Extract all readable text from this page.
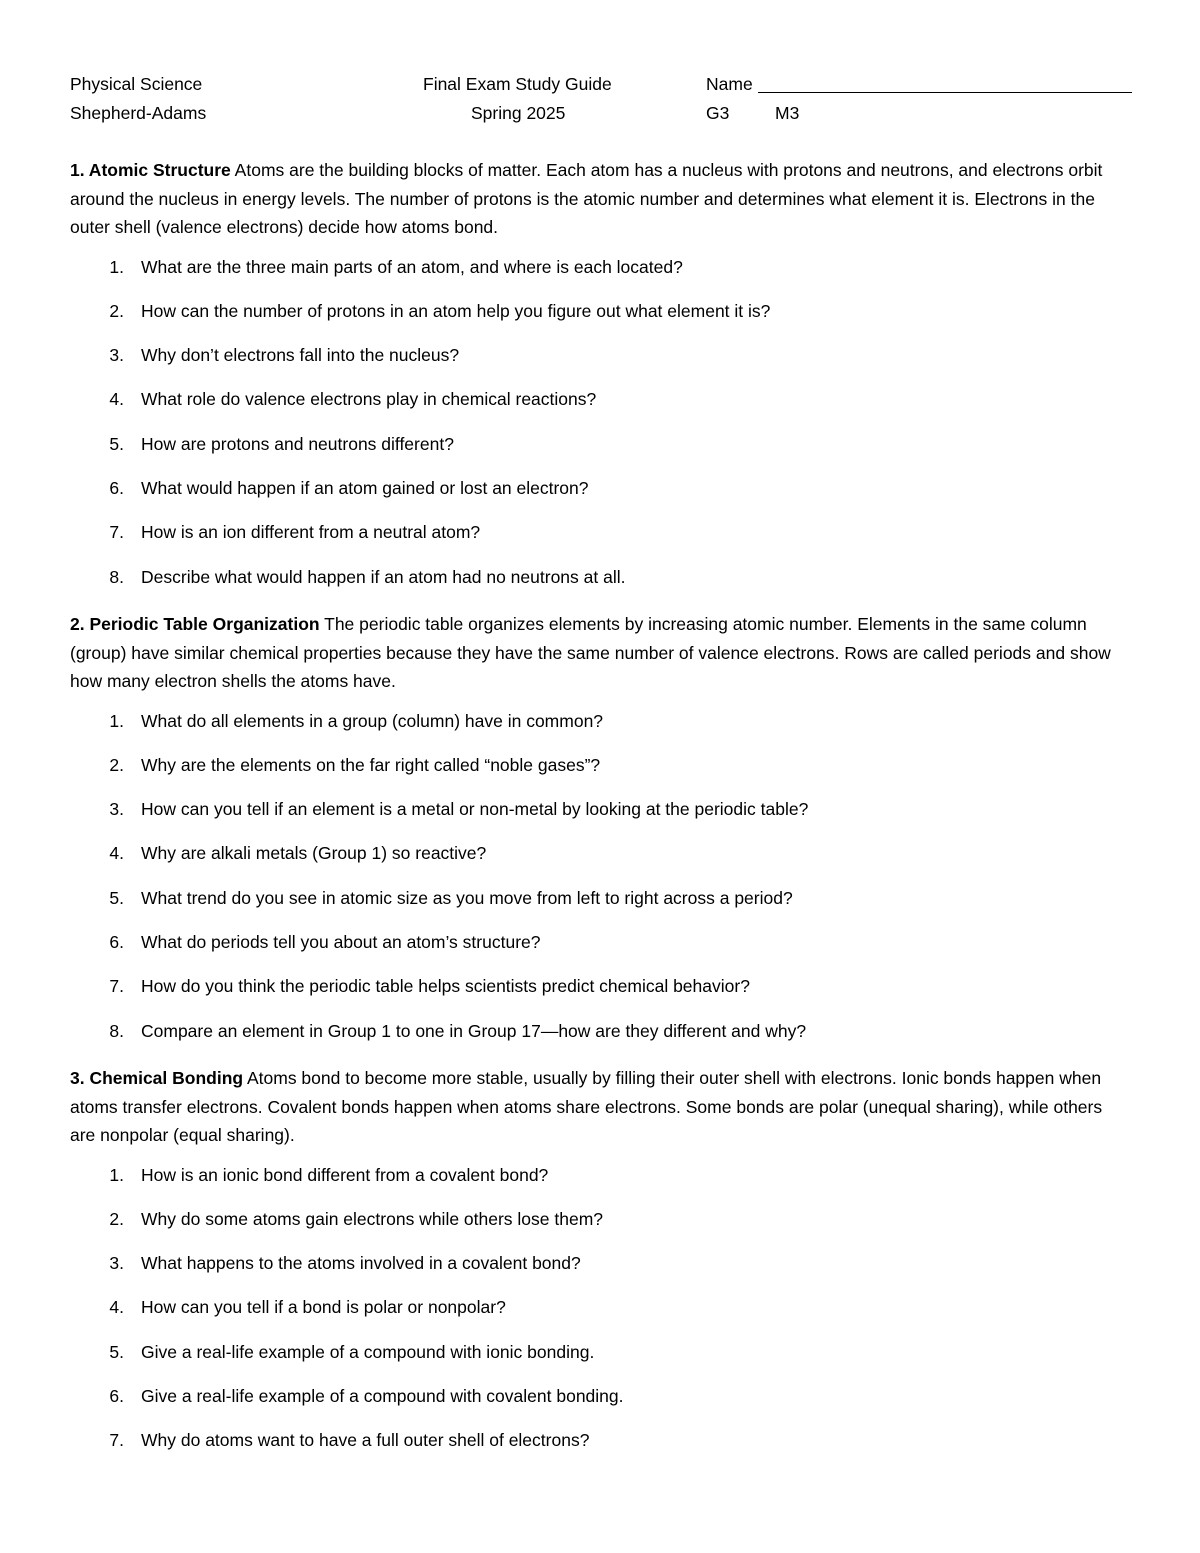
Physical Science	Final Exam Study Guide	Name
Shepherd-Adams	Spring 2025	G3	M3

1. Atomic Structure Atoms are the building blocks of matter. Each atom has a nucleus with protons and neutrons, and electrons orbit around the nucleus in energy levels. The number of protons is the atomic number and determines what element it is. Electrons in the outer shell (valence electrons) decide how atoms bond.

1. What are the three main parts of an atom, and where is each located?
2. How can the number of protons in an atom help you figure out what element it is?
3. Why don’t electrons fall into the nucleus?
4. What role do valence electrons play in chemical reactions?
5. How are protons and neutrons different?
6. What would happen if an atom gained or lost an electron?
7. How is an ion different from a neutral atom?
8. Describe what would happen if an atom had no neutrons at all.

2. Periodic Table Organization The periodic table organizes elements by increasing atomic number. Elements in the same column (group) have similar chemical properties because they have the same number of valence electrons. Rows are called periods and show how many electron shells the atoms have.

1. What do all elements in a group (column) have in common?
2. Why are the elements on the far right called “noble gases”?
3. How can you tell if an element is a metal or non-metal by looking at the periodic table?
4. Why are alkali metals (Group 1) so reactive?
5. What trend do you see in atomic size as you move from left to right across a period?
6. What do periods tell you about an atom’s structure?
7. How do you think the periodic table helps scientists predict chemical behavior?
8. Compare an element in Group 1 to one in Group 17—how are they different and why?

3. Chemical Bonding Atoms bond to become more stable, usually by filling their outer shell with electrons. Ionic bonds happen when atoms transfer electrons. Covalent bonds happen when atoms share electrons. Some bonds are polar (unequal sharing), while others are nonpolar (equal sharing).

1. How is an ionic bond different from a covalent bond?
2. Why do some atoms gain electrons while others lose them?
3. What happens to the atoms involved in a covalent bond?
4. How can you tell if a bond is polar or nonpolar?
5. Give a real-life example of a compound with ionic bonding.
6. Give a real-life example of a compound with covalent bonding.
7. Why do atoms want to have a full outer shell of electrons?
